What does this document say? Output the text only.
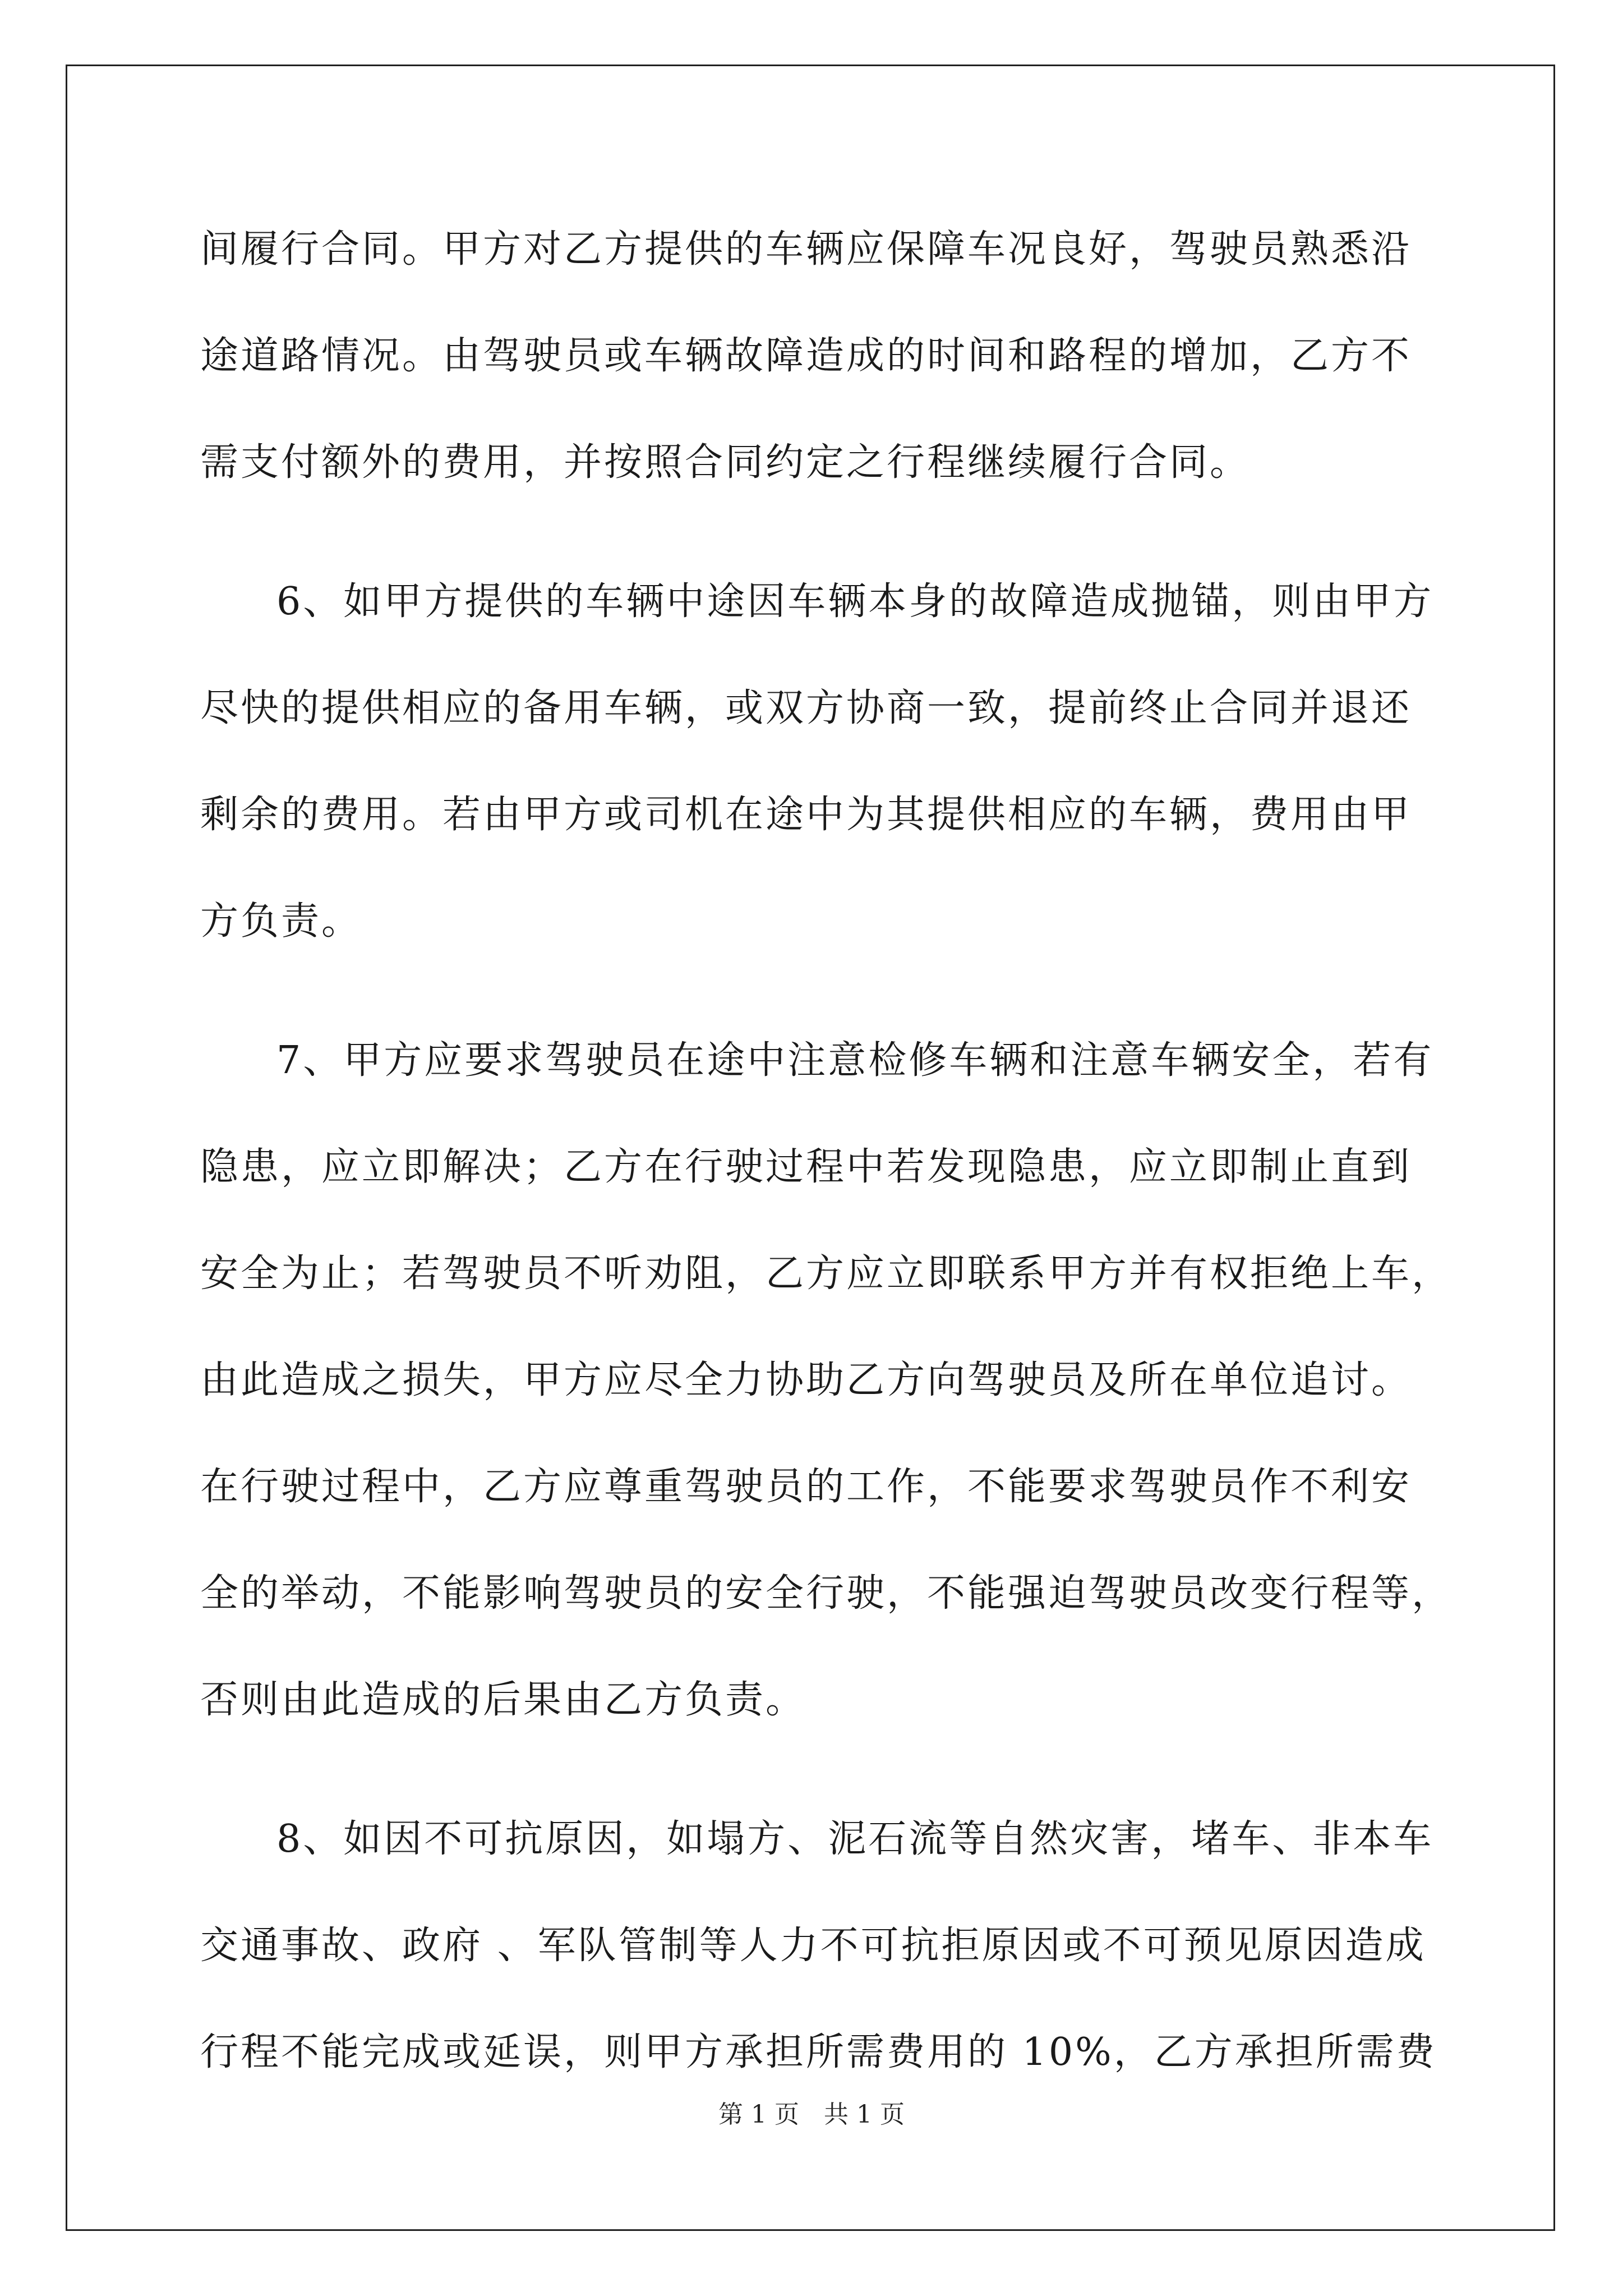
间履行合同。甲方对乙方提供的车辆应保障车况良好，驾驶员熟悉沿
途道路情况。由驾驶员或车辆故障造成的时间和路程的增加，乙方不
需支付额外的费用，并按照合同约定之行程继续履行合同。
6、如甲方提供的车辆中途因车辆本身的故障造成抛锚，则由甲方
尽快的提供相应的备用车辆，或双方协商一致，提前终止合同并退还
剩余的费用。若由甲方或司机在途中为其提供相应的车辆，费用由甲
方负责。
7、甲方应要求驾驶员在途中注意检修车辆和注意车辆安全，若有
隐患，应立即解决；乙方在行驶过程中若发现隐患，应立即制止直到
安全为止；若驾驶员不听劝阻，乙方应立即联系甲方并有权拒绝上车，
由此造成之损失，甲方应尽全力协助乙方向驾驶员及所在单位追讨。
在行驶过程中，乙方应尊重驾驶员的工作，不能要求驾驶员作不利安
全的举动，不能影响驾驶员的安全行驶，不能强迫驾驶员改变行程等，
否则由此造成的后果由乙方负责。
8、如因不可抗原因，如塌方、泥石流等自然灾害，堵车、非本车
交通事故、政府 、军队管制等人力不可抗拒原因或不可预见原因造成
行程不能完成或延误，则甲方承担所需费用的 10%，乙方承担所需费
第 1 页 共 1 页
